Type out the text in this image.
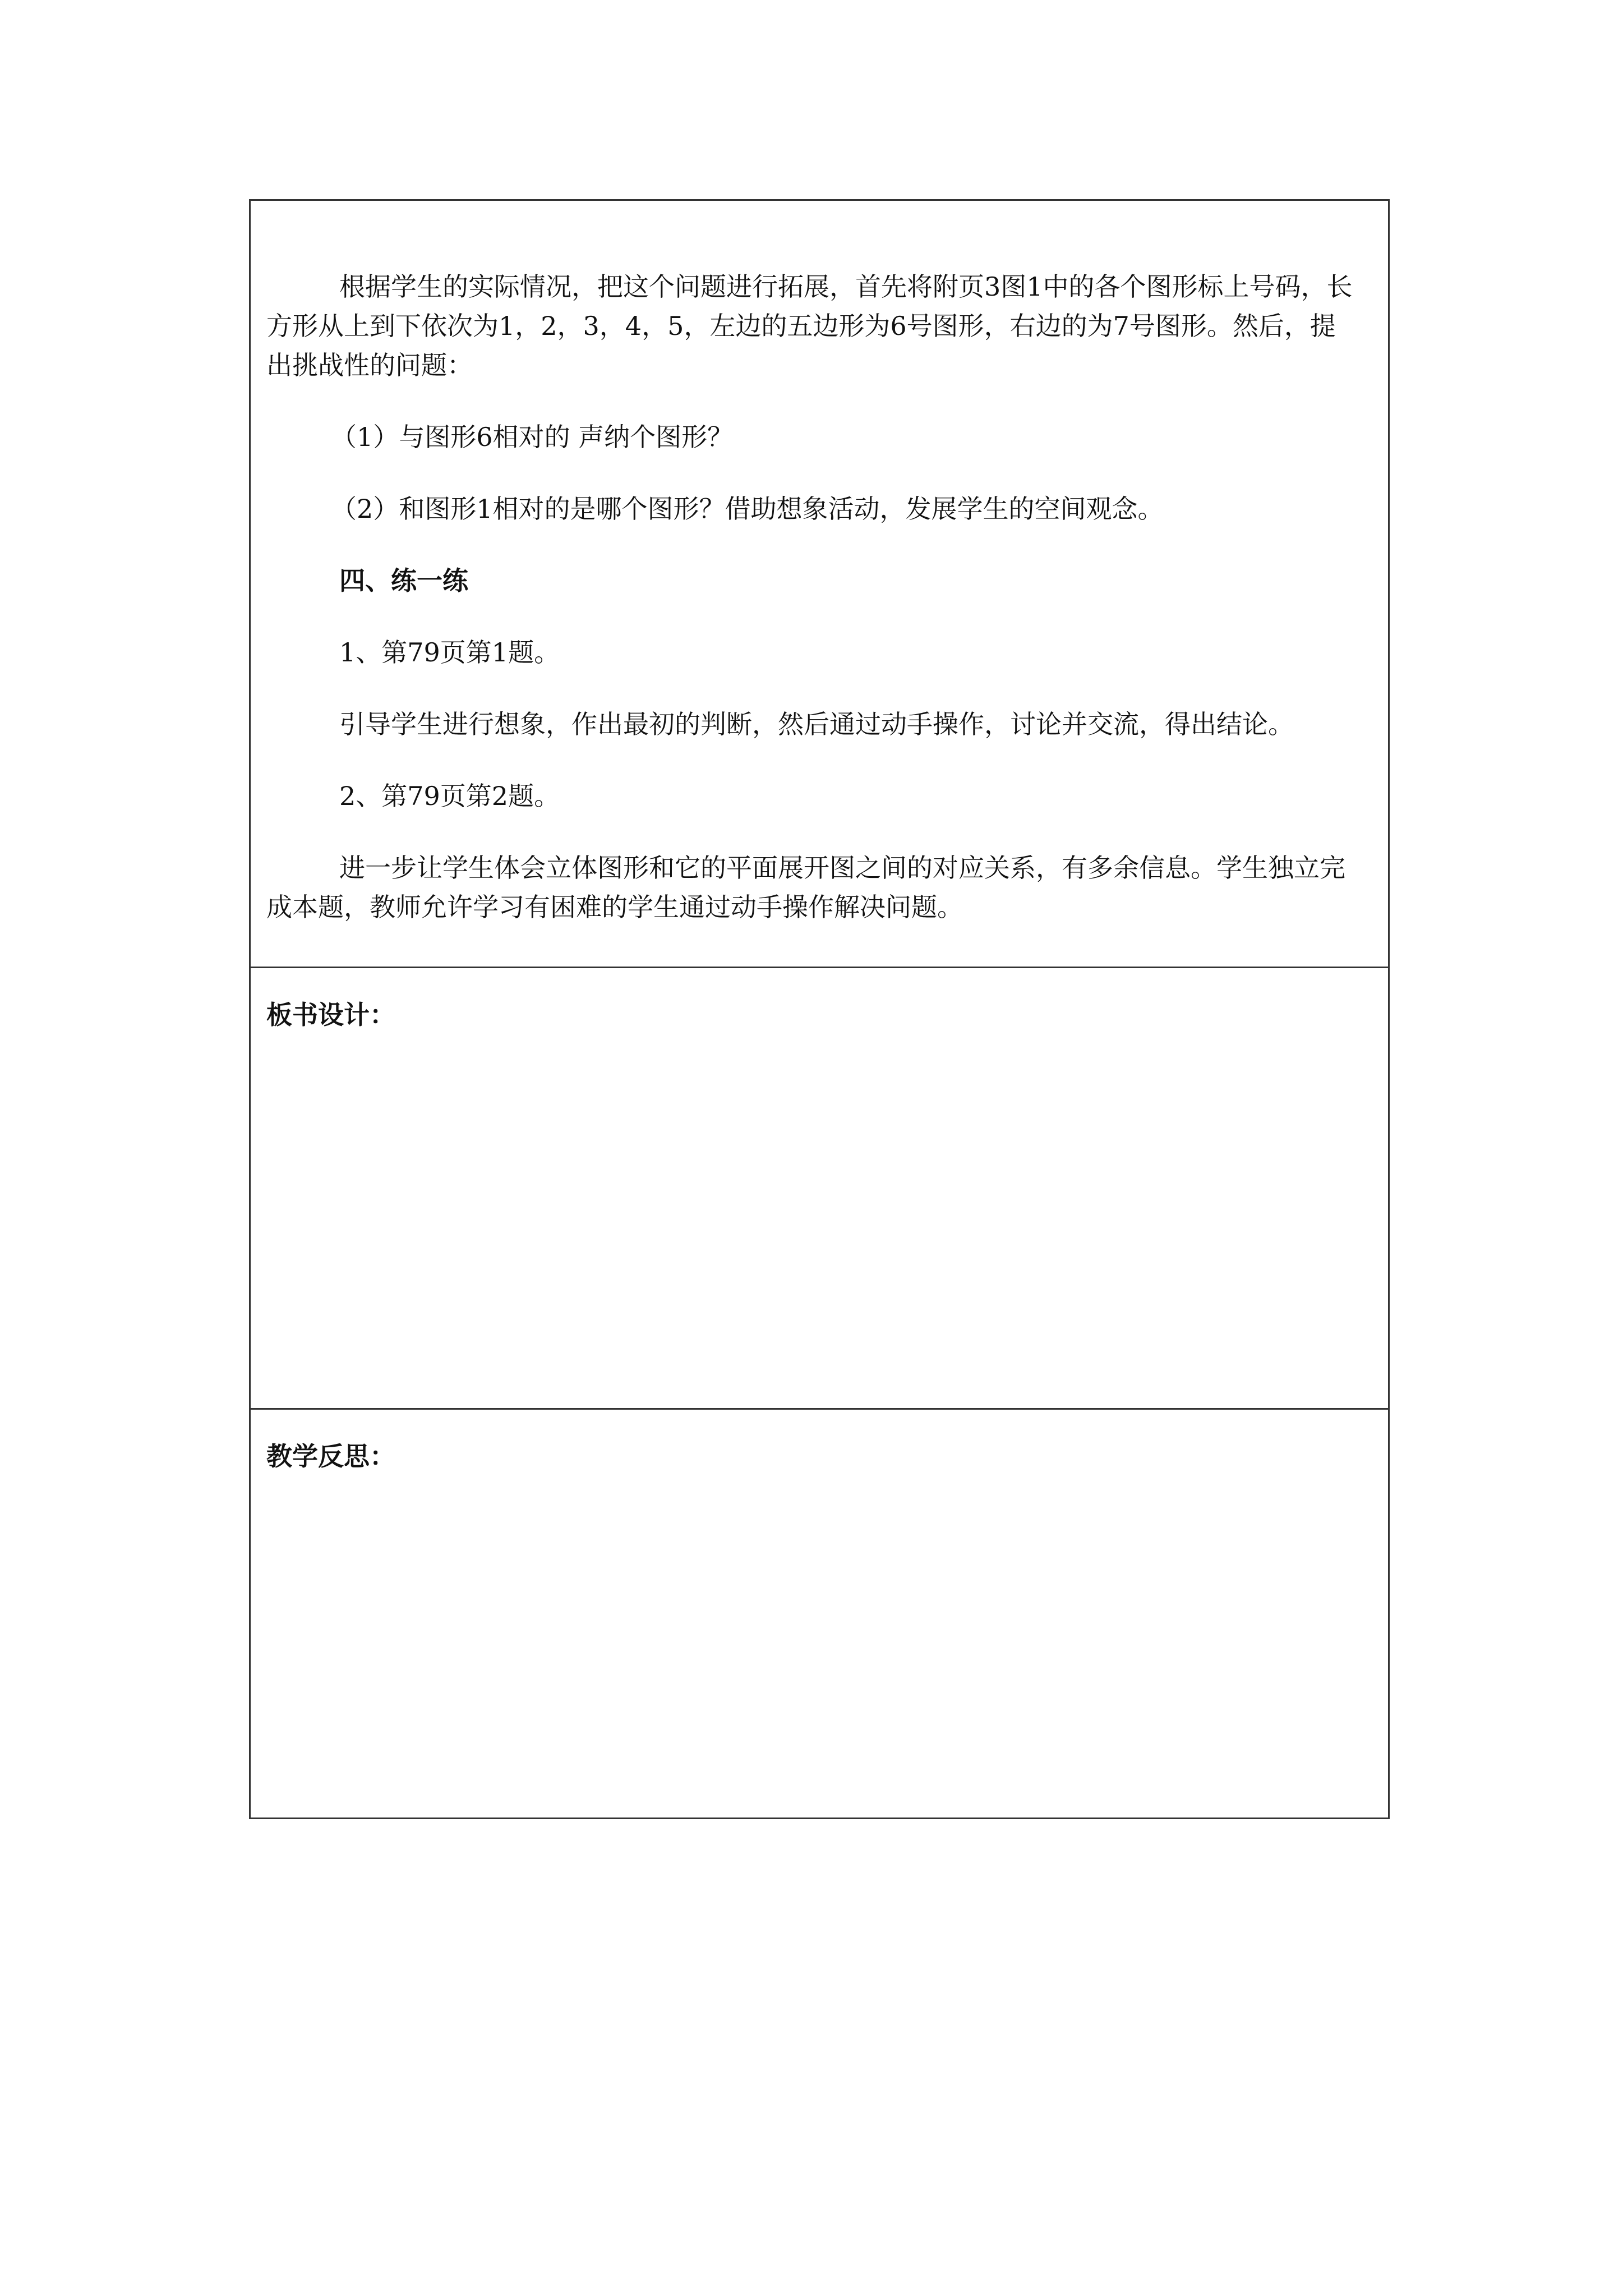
根据学生的实际情况，把这个问题进行拓展，首先将附页3图1中的各个图形标上号码，长方形从上到下依次为1，2，3，4，5，左边的五边形为6号图形，右边的为7号图形。然后，提出挑战性的问题：

（1）与图形6相对的 声纳个图形？

（2）和图形1相对的是哪个图形？借助想象活动，发展学生的空间观念。

四、练一练

1、第79页第1题。

引导学生进行想象，作出最初的判断，然后通过动手操作，讨论并交流，得出结论。

2、第79页第2题。

进一步让学生体会立体图形和它的平面展开图之间的对应关系，有多余信息。学生独立完成本题，教师允许学习有困难的学生通过动手操作解决问题。

板书设计：
教学反思：
